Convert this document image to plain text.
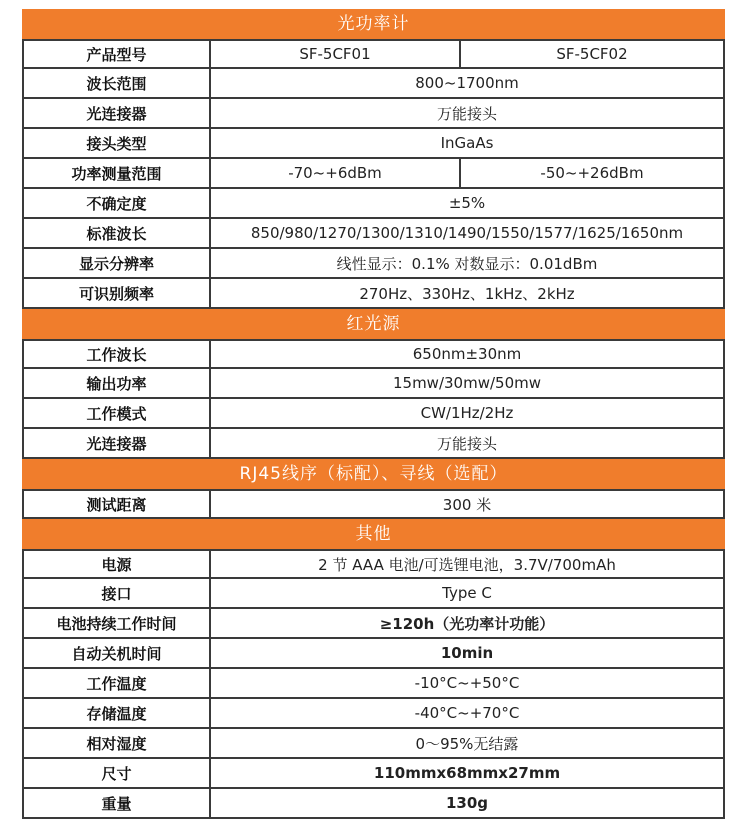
光功率计
产品型号	SF-5CF01	SF-5CF02
波长范围	800~1700nm
光连接器	万能接头
接头类型	InGaAs
功率测量范围	-70~+6dBm	-50~+26dBm
不确定度	±5%
标准波长	850/980/1270/1300/1310/1490/1550/1577/1625/1650nm
显示分辨率	线性显示：0.1% 对数显示：0.01dBm
可识别频率	270Hz、330Hz、1kHz、2kHz
红光源
工作波长	650nm±30nm
输出功率	15mw/30mw/50mw
工作模式	CW/1Hz/2Hz
光连接器	万能接头
RJ45线序（标配）、寻线（选配）
测试距离	300 米
其他
电源	2 节 AAA 电池/可选锂电池，3.7V/700mAh
接口	Type C
电池持续工作时间	≥120h（光功率计功能）
自动关机时间	10min
工作温度	-10°C~+50°C
存储温度	-40°C~+70°C
相对湿度	0～95%无结露
尺寸	110mmx68mmx27mm
重量	130g
